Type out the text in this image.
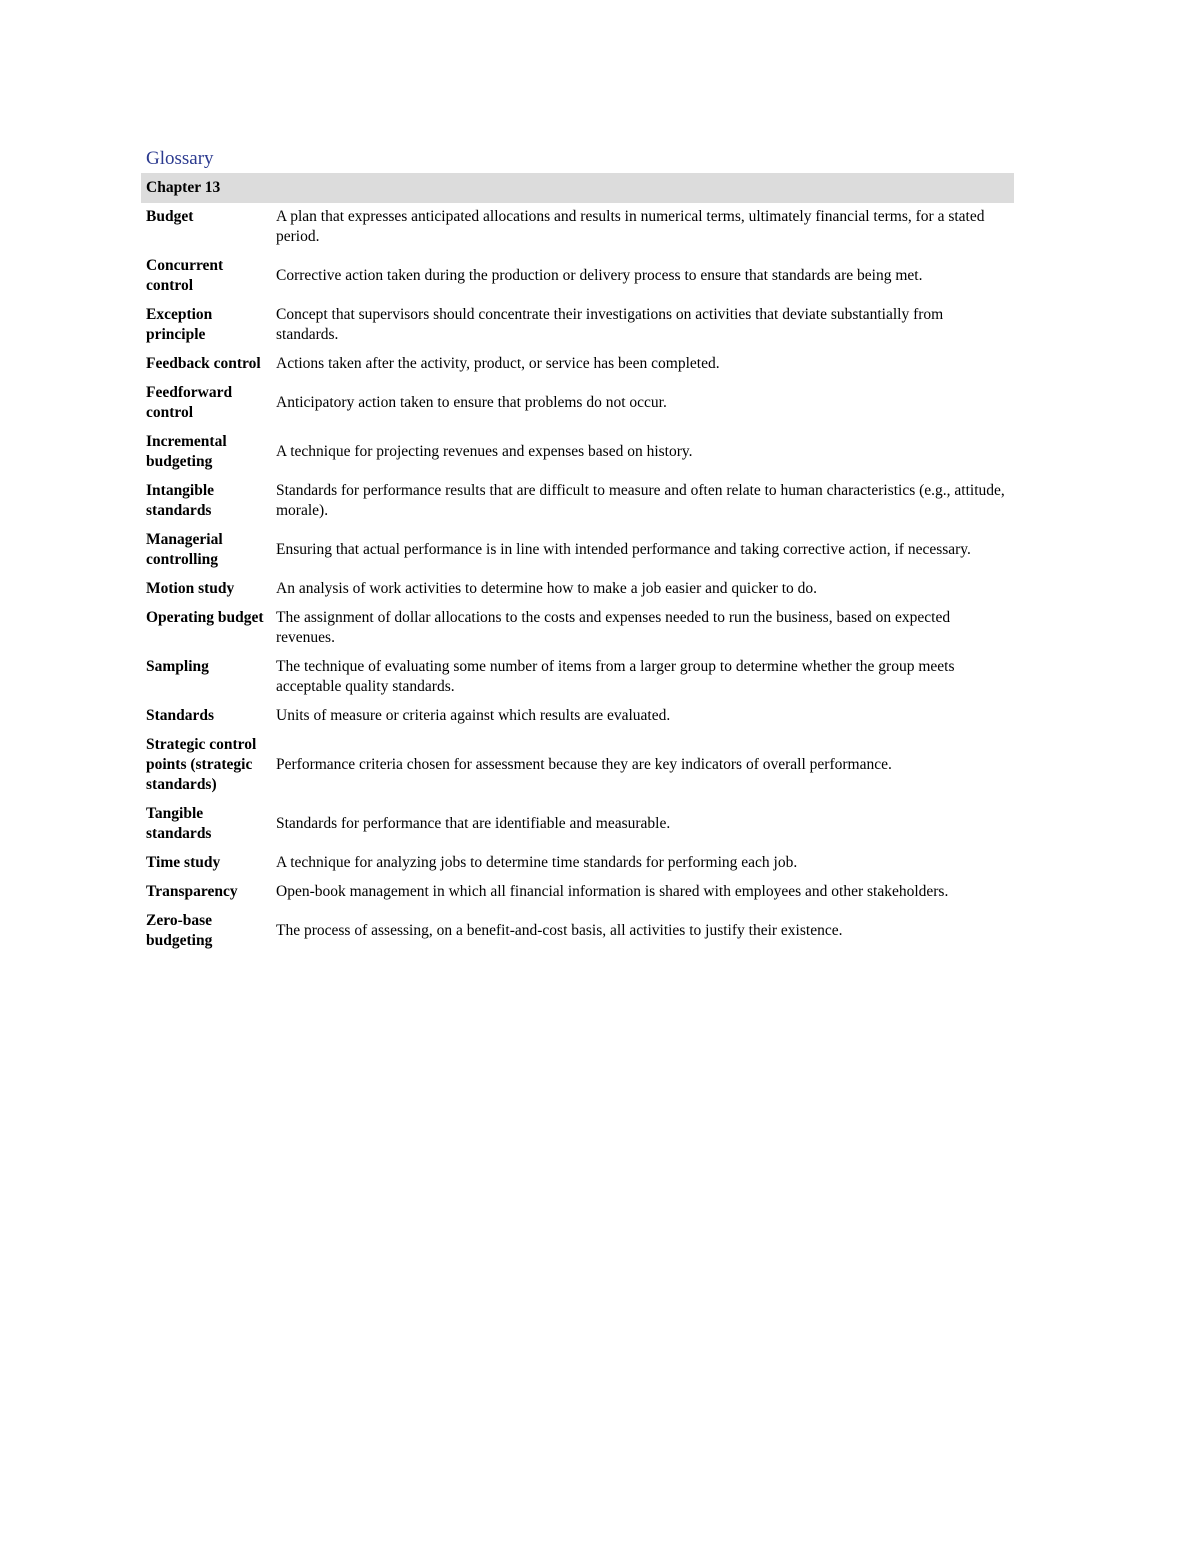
Glossary
Chapter 13	
Budget	A plan that expresses anticipated allocations and results in numerical terms, ultimately financial terms, for a stated period.
Concurrent control	Corrective action taken during the production or delivery process to ensure that standards are being met.
Exception principle	Concept that supervisors should concentrate their investigations on activities that deviate substantially from standards.
Feedback control	Actions taken after the activity, product, or service has been completed.
Feedforward control	Anticipatory action taken to ensure that problems do not occur.
Incremental budgeting	A technique for projecting revenues and expenses based on history.
Intangible standards	Standards for performance results that are difficult to measure and often relate to human characteristics (e.g., attitude, morale).
Managerial controlling	Ensuring that actual performance is in line with intended performance and taking corrective action, if necessary.
Motion study	An analysis of work activities to determine how to make a job easier and quicker to do.
Operating budget	The assignment of dollar allocations to the costs and expenses needed to run the business, based on expected revenues.
Sampling	The technique of evaluating some number of items from a larger group to determine whether the group meets acceptable quality standards.
Standards	Units of measure or criteria against which results are evaluated.
Strategic control points (strategic standards)	Performance criteria chosen for assessment because they are key indicators of overall performance.
Tangible standards	Standards for performance that are identifiable and measurable.
Time study	A technique for analyzing jobs to determine time standards for performing each job.
Transparency	Open-book management in which all financial information is shared with employees and other stakeholders.
Zero-base budgeting	The process of assessing, on a benefit-and-cost basis, all activities to justify their existence.
